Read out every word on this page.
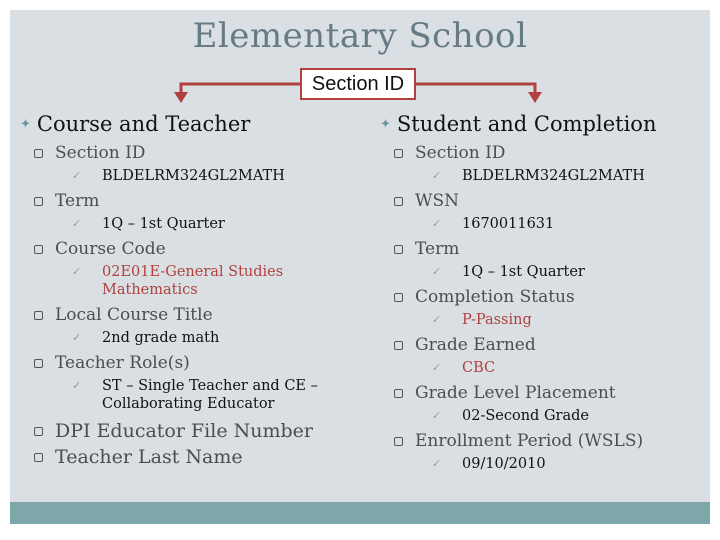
Elementary School
Section ID
✦ Course and Teacher
Section ID
✓	BLDELRM324GL2MATH
Term
✓	1Q – 1st Quarter
Course Code
✓	02E01E-General Studies
Mathematics
Local Course Title
✓	2nd grade math
Teacher Role(s)
✓	ST – Single Teacher and CE –
Collaborating Educator
DPI Educator File Number
Teacher Last Name
✦ Student and Completion
Section ID
✓	BLDELRM324GL2MATH
WSN
✓	1670011631
Term
✓	1Q – 1st Quarter
Completion Status
✓	P-Passing
Grade Earned
✓	CBC
Grade Level Placement
✓	02-Second Grade
Enrollment Period (WSLS)
✓	09/10/2010
